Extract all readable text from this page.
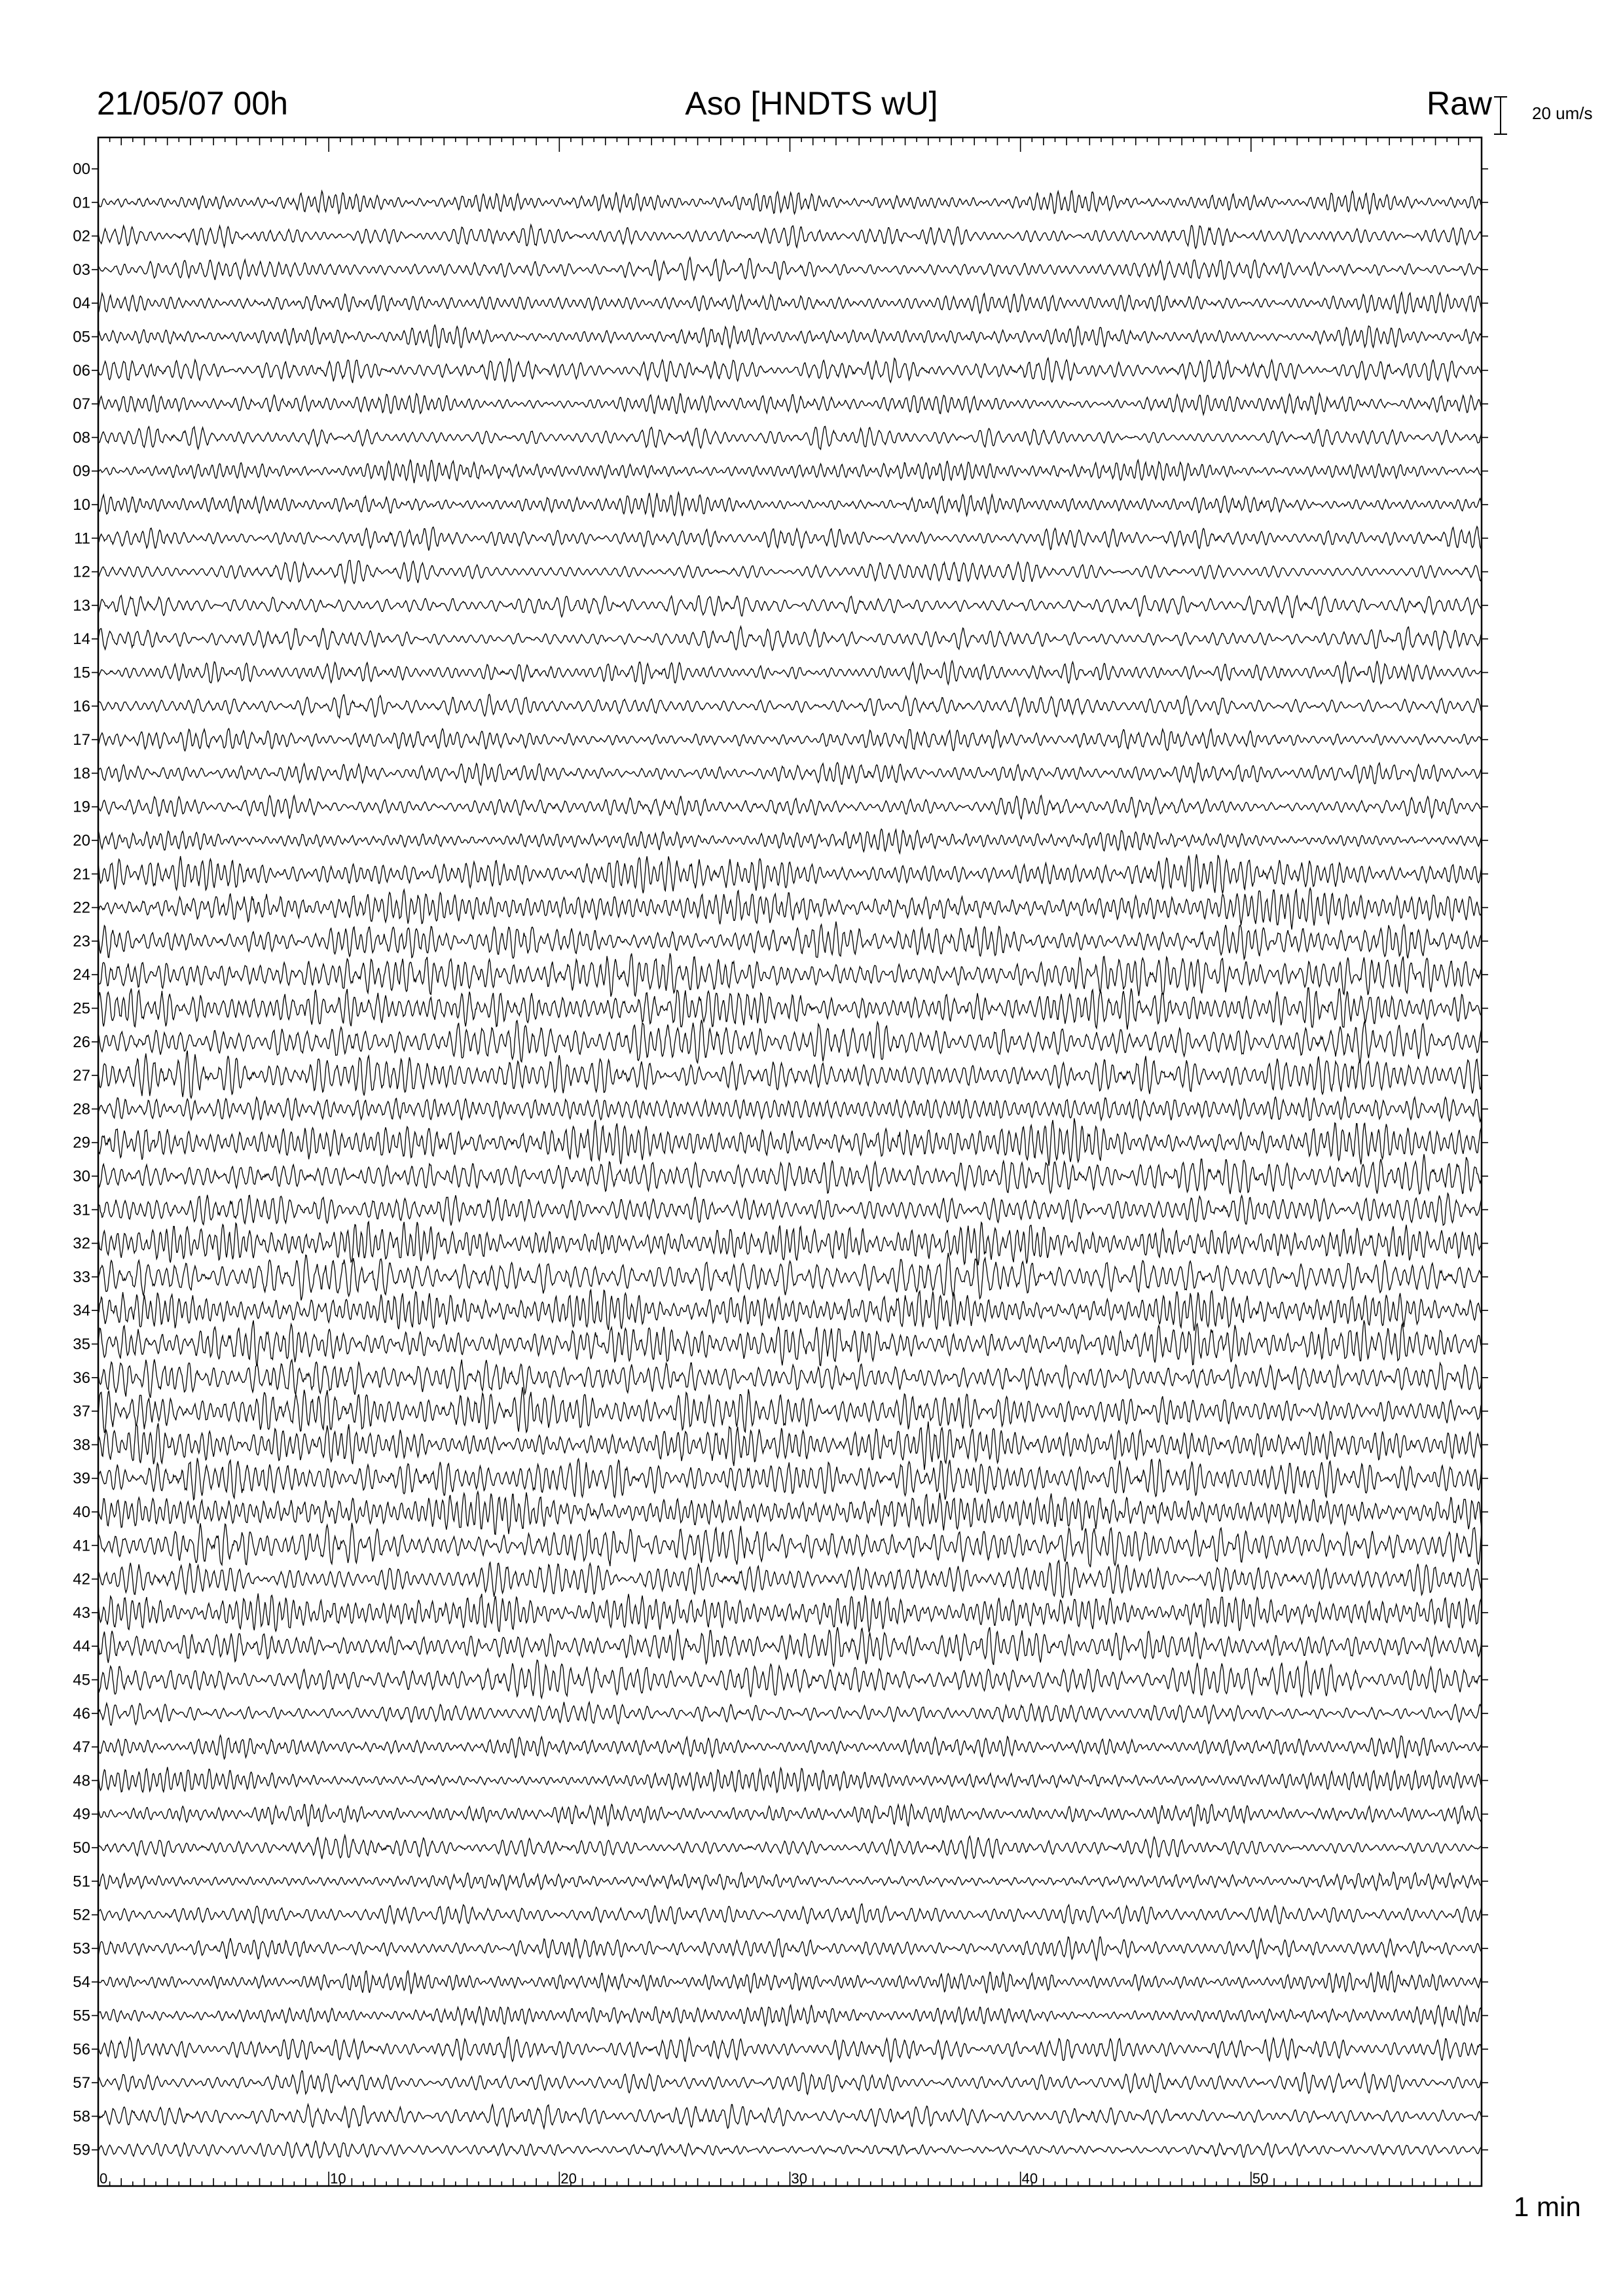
21/05/07 00h	Aso [HNDTS wU]	Raw 20 um/s
1 min
0	10	20	30	40	50
00
01
02
03
04
05
06
07
08
09
10
11
12
13
14
15
16
17
18
19
20
21
22
23
24
25
26
27
28
29
30
31
32
33
34
35
36
37
38
39
40
41
42
43
44
45
46
47
48
49
50
51
52
53
54
55
56
57
58
59
